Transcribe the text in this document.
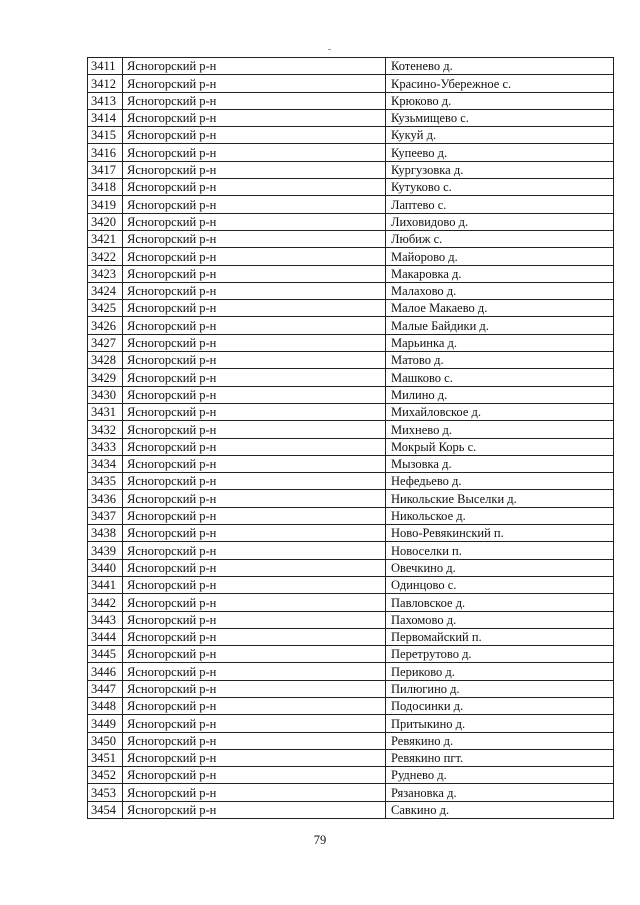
3411	Ясногорский р-н	Котенево д.
3412	Ясногорский р-н	Красино-Убережное с.
3413	Ясногорский р-н	Крюково д.
3414	Ясногорский р-н	Кузьмищево с.
3415	Ясногорский р-н	Кукуй д.
3416	Ясногорский р-н	Купеево д.
3417	Ясногорский р-н	Кургузовка д.
3418	Ясногорский р-н	Кутуково с.
3419	Ясногорский р-н	Лаптево с.
3420	Ясногорский р-н	Лиховидово д.
3421	Ясногорский р-н	Любиж с.
3422	Ясногорский р-н	Майорово д.
3423	Ясногорский р-н	Макаровка д.
3424	Ясногорский р-н	Малахово д.
3425	Ясногорский р-н	Малое Макаево д.
3426	Ясногорский р-н	Малые Байдики д.
3427	Ясногорский р-н	Марьинка д.
3428	Ясногорский р-н	Матово д.
3429	Ясногорский р-н	Машково с.
3430	Ясногорский р-н	Милино д.
3431	Ясногорский р-н	Михайловское д.
3432	Ясногорский р-н	Михнево д.
3433	Ясногорский р-н	Мокрый Корь с.
3434	Ясногорский р-н	Мызовка д.
3435	Ясногорский р-н	Нефедьево д.
3436	Ясногорский р-н	Никольские Выселки д.
3437	Ясногорский р-н	Никольское д.
3438	Ясногорский р-н	Ново-Ревякинский п.
3439	Ясногорский р-н	Новоселки п.
3440	Ясногорский р-н	Овечкино д.
3441	Ясногорский р-н	Одинцово с.
3442	Ясногорский р-н	Павловское д.
3443	Ясногорский р-н	Пахомово д.
3444	Ясногорский р-н	Первомайский п.
3445	Ясногорский р-н	Перетрутово д.
3446	Ясногорский р-н	Периково д.
3447	Ясногорский р-н	Пилюгино д.
3448	Ясногорский р-н	Подосинки д.
3449	Ясногорский р-н	Притыкино д.
3450	Ясногорский р-н	Ревякино д.
3451	Ясногорский р-н	Ревякино пгт.
3452	Ясногорский р-н	Руднево д.
3453	Ясногорский р-н	Рязановка д.
3454	Ясногорский р-н	Савкино д.
79
